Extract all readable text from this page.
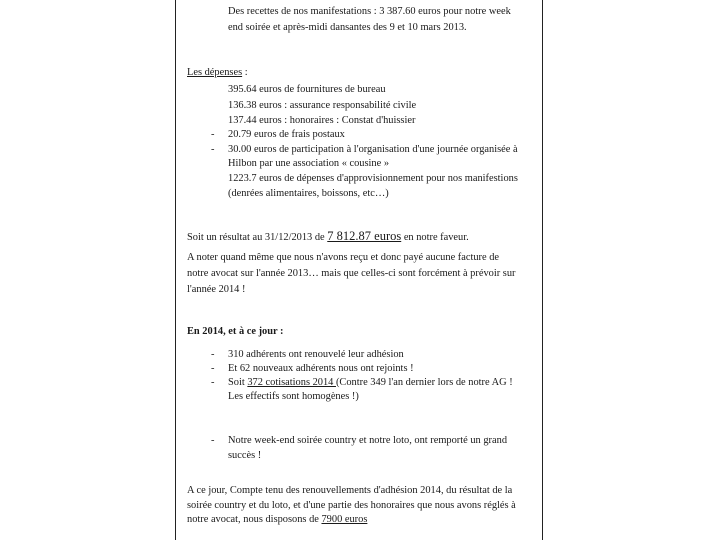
Des recettes de nos manifestations : 3 387.60 euros pour notre week
end soirée et après-midi dansantes des 9 et 10 mars 2013.
Les dépenses :
395.64 euros de fournitures de bureau
136.38 euros : assurance responsabilité civile
137.44 euros : honoraires : Constat d'huissier
- 20.79 euros de frais postaux
- 30.00 euros de participation à l'organisation d'une journée organisée à
Hilbon par une association « cousine »
1223.7 euros de dépenses d'approvisionnement pour nos manifestions
(denrées alimentaires, boissons, etc…)
Soit un résultat au 31/12/2013 de 7 812.87 euros en notre faveur.
A noter quand même que nous n'avons reçu et donc payé aucune facture de
notre avocat sur l'année 2013… mais que celles-ci sont forcément à prévoir sur
l'année 2014 !
En 2014, et à ce jour :
- 310 adhérents ont renouvelé leur adhésion
- Et 62 nouveaux adhérents nous ont rejoints !
- Soit 372 cotisations 2014 (Contre 349 l'an dernier lors de notre AG !
Les effectifs sont homogènes !)
- Notre week-end soirée country et notre loto, ont remporté un grand
succès !
A ce jour, Compte tenu des renouvellements d'adhésion 2014, du résultat de la
soirée country et du loto, et d'une partie des honoraires que nous avons réglés à
notre avocat, nous disposons de 7900 euros
